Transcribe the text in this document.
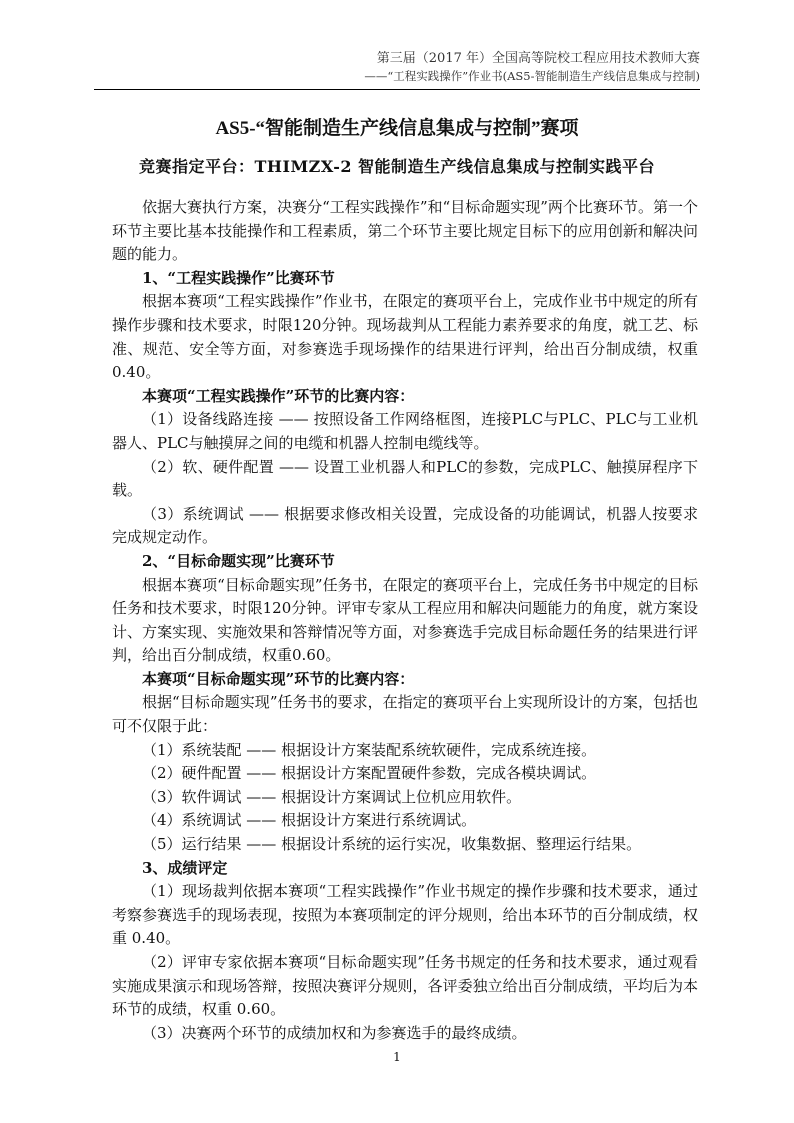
第三届（2017 年）全国高等院校工程应用技术教师大赛
——“工程实践操作”作业书(AS5-智能制造生产线信息集成与控制)
AS5-“智能制造生产线信息集成与控制”赛项
竞赛指定平台：THIMZX-2 智能制造生产线信息集成与控制实践平台

依据大赛执行方案，决赛分“工程实践操作”和“目标命题实现”两个比赛环节。第一个环节主要比基本技能操作和工程素质，第二个环节主要比规定目标下的应用创新和解决问题的能力。

1、“工程实践操作”比赛环节

根据本赛项“工程实践操作”作业书，在限定的赛项平台上，完成作业书中规定的所有操作步骤和技术要求，时限120分钟。现场裁判从工程能力素养要求的角度，就工艺、标准、规范、安全等方面，对参赛选手现场操作的结果进行评判，给出百分制成绩，权重0.40。

本赛项“工程实践操作”环节的比赛内容：

（1）设备线路连接 —— 按照设备工作网络框图，连接PLC与PLC、PLC与工业机器人、PLC与触摸屏之间的电缆和机器人控制电缆线等。

（2）软、硬件配置 —— 设置工业机器人和PLC的参数，完成PLC、触摸屏程序下载。

（3）系统调试 —— 根据要求修改相关设置，完成设备的功能调试，机器人按要求完成规定动作。

2、“目标命题实现”比赛环节

根据本赛项“目标命题实现”任务书，在限定的赛项平台上，完成任务书中规定的目标任务和技术要求，时限120分钟。评审专家从工程应用和解决问题能力的角度，就方案设计、方案实现、实施效果和答辩情况等方面，对参赛选手完成目标命题任务的结果进行评判，给出百分制成绩，权重0.60。

本赛项“目标命题实现”环节的比赛内容：

根据“目标命题实现”任务书的要求，在指定的赛项平台上实现所设计的方案，包括也可不仅限于此：

（1）系统装配 —— 根据设计方案装配系统软硬件，完成系统连接。

（2）硬件配置 —— 根据设计方案配置硬件参数，完成各模块调试。

（3）软件调试 —— 根据设计方案调试上位机应用软件。

（4）系统调试 —— 根据设计方案进行系统调试。

（5）运行结果 —— 根据设计系统的运行实况，收集数据、整理运行结果。

3、成绩评定

（1）现场裁判依据本赛项“工程实践操作”作业书规定的操作步骤和技术要求，通过考察参赛选手的现场表现，按照为本赛项制定的评分规则，给出本环节的百分制成绩，权重 0.40。

（2）评审专家依据本赛项“目标命题实现”任务书规定的任务和技术要求，通过观看实施成果演示和现场答辩，按照决赛评分规则，各评委独立给出百分制成绩，平均后为本环节的成绩，权重 0.60。

（3）决赛两个环节的成绩加权和为参赛选手的最终成绩。

1
